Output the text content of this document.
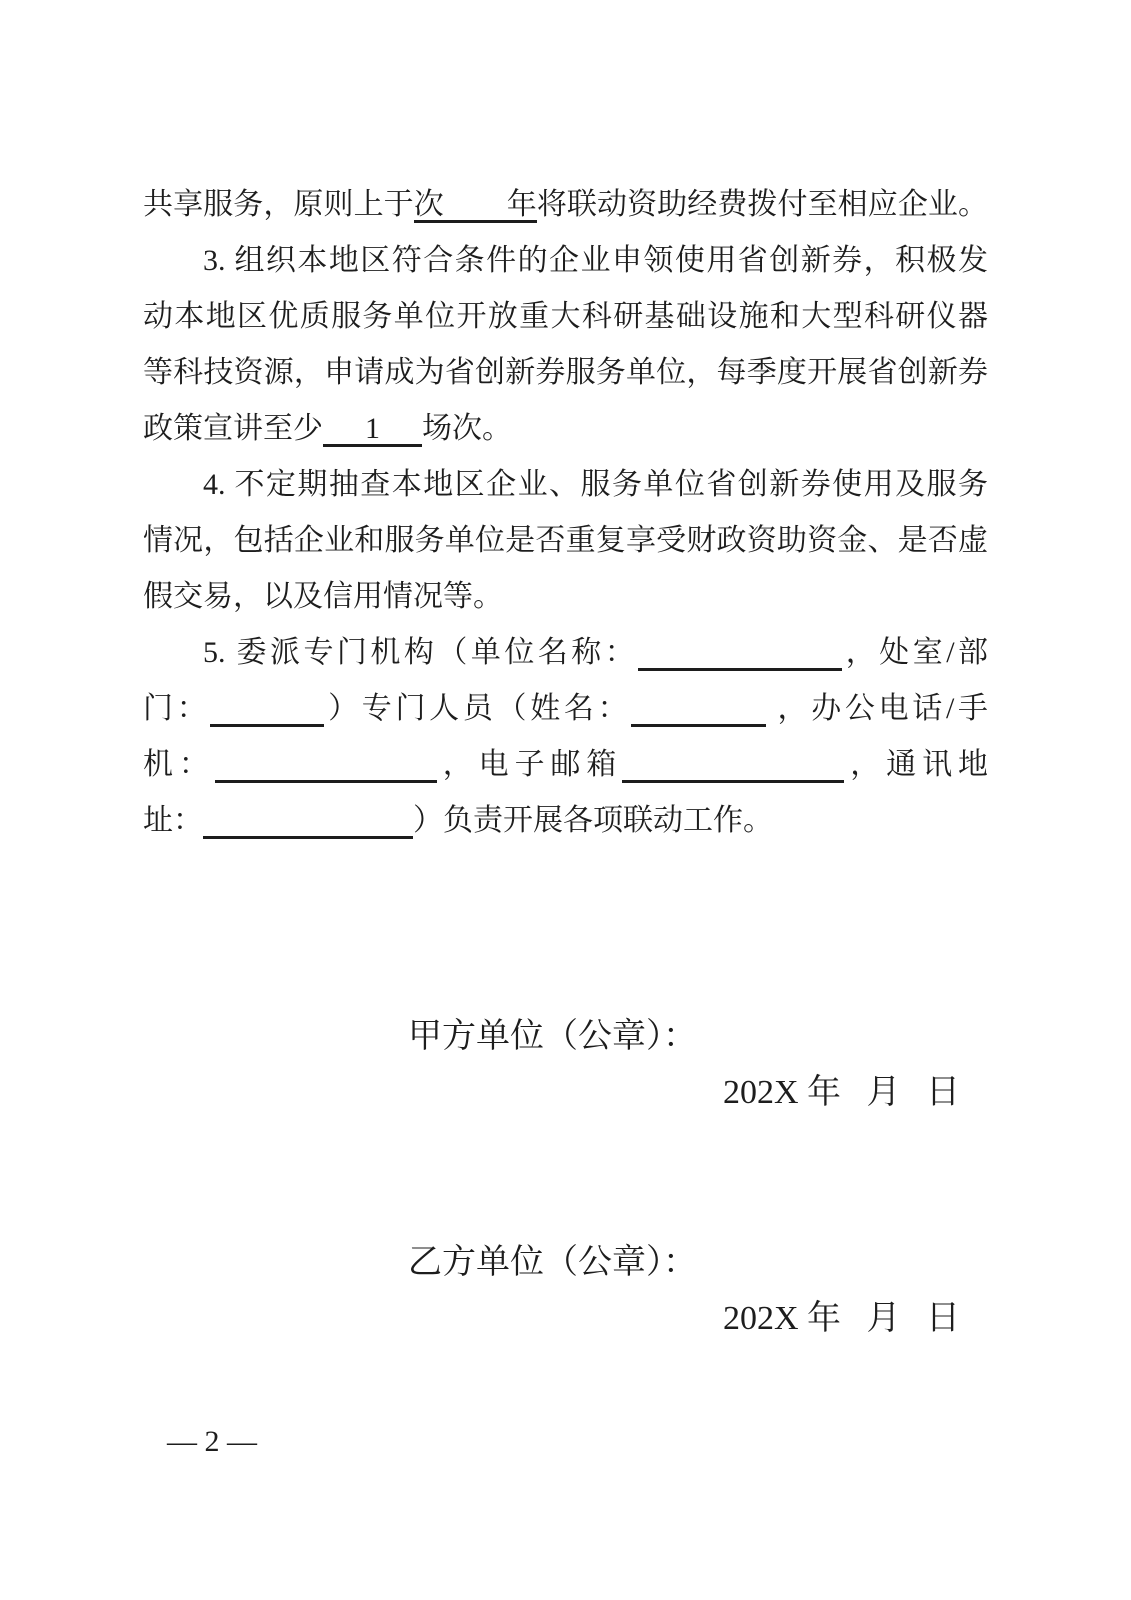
共享服务，原则上于次年将联动资助经费拨付至相应企业。
3. 组织本地区符合条件的企业申领使用省创新券，积极发
动本地区优质服务单位开放重大科研基础设施和大型科研仪器
等科技资源，申请成为省创新券服务单位，每季度开展省创新券
政策宣讲至少 1 场次。
4. 不定期抽查本地区企业、服务单位省创新券使用及服务
情况，包括企业和服务单位是否重复享受财政资助资金、是否虚
假交易，以及信用情况等。
5. 委派专门机构（单位名称：	，处室/部
门：	）专门人员（姓名：	，办公电话/手
机：	，电子邮箱	，通讯地
址：	）负责开展各项联动工作。
甲方单位（公章）：
202X 年   月   日
乙方单位（公章）：
202X 年   月   日
— 2 —
